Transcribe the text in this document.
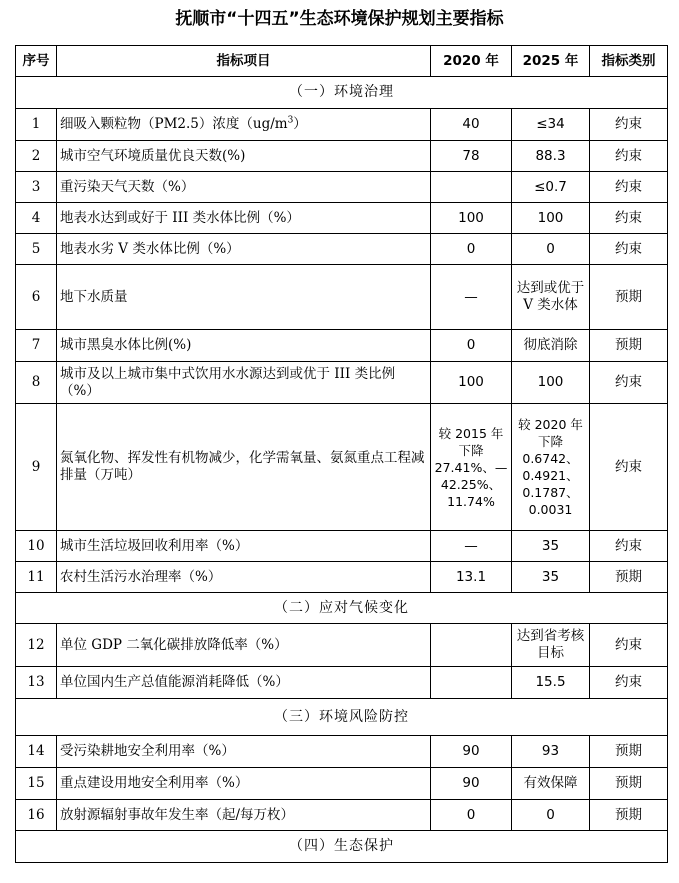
抚顺市“十四五”生态环境保护规划主要指标
序号	指标项目	2020 年	2025 年	指标类别
（一）环境治理				
1	细吸入颗粒物（PM2.5）浓度$(ug/m^3)$	40	≤34	约束
2	城市空气环境质量优良天数(%)	78	88.3	约束
3	重污染天气天数（%）		≤0.7	约束
4	地表水达到或好于 III 类水体比例（%）	100	100	约束
5	地表水劣 V 类水体比例（%）	0	0	约束
6	地下水质量	—	达到或优于 V 类水体	预期
7	城市黑臭水体比例(%)	0	彻底消除	预期
8	城市及以上城市集中式饮用水水源达到或优于 III 类比例（%）	100	100	约束
9	氮氧化物、挥发性有机物减少，化学需氧量、氨氮重点工程减排量（万吨）	较 2015 年下降 27.41%、—42.25%、11.74%	较 2020 年下降 0.6742、0.4921、0.1787、0.0031	约束
10	城市生活垃圾回收利用率（%）	—	35	约束
11	农村生活污水治理率（%）	13.1	35	预期
（二）应对气候变化				
12	单位 GDP 二氧化碳排放降低率（%）		达到省考核目标	约束
13	单位国内生产总值能源消耗降低（%）		15.5	约束
（三）环境风险防控				
14	受污染耕地安全利用率（%）	90	93	预期
15	重点建设用地安全利用率（%）	90	有效保障	预期
16	放射源辐射事故年发生率（起/每万枚）	0	0	预期
（四）生态保护				
